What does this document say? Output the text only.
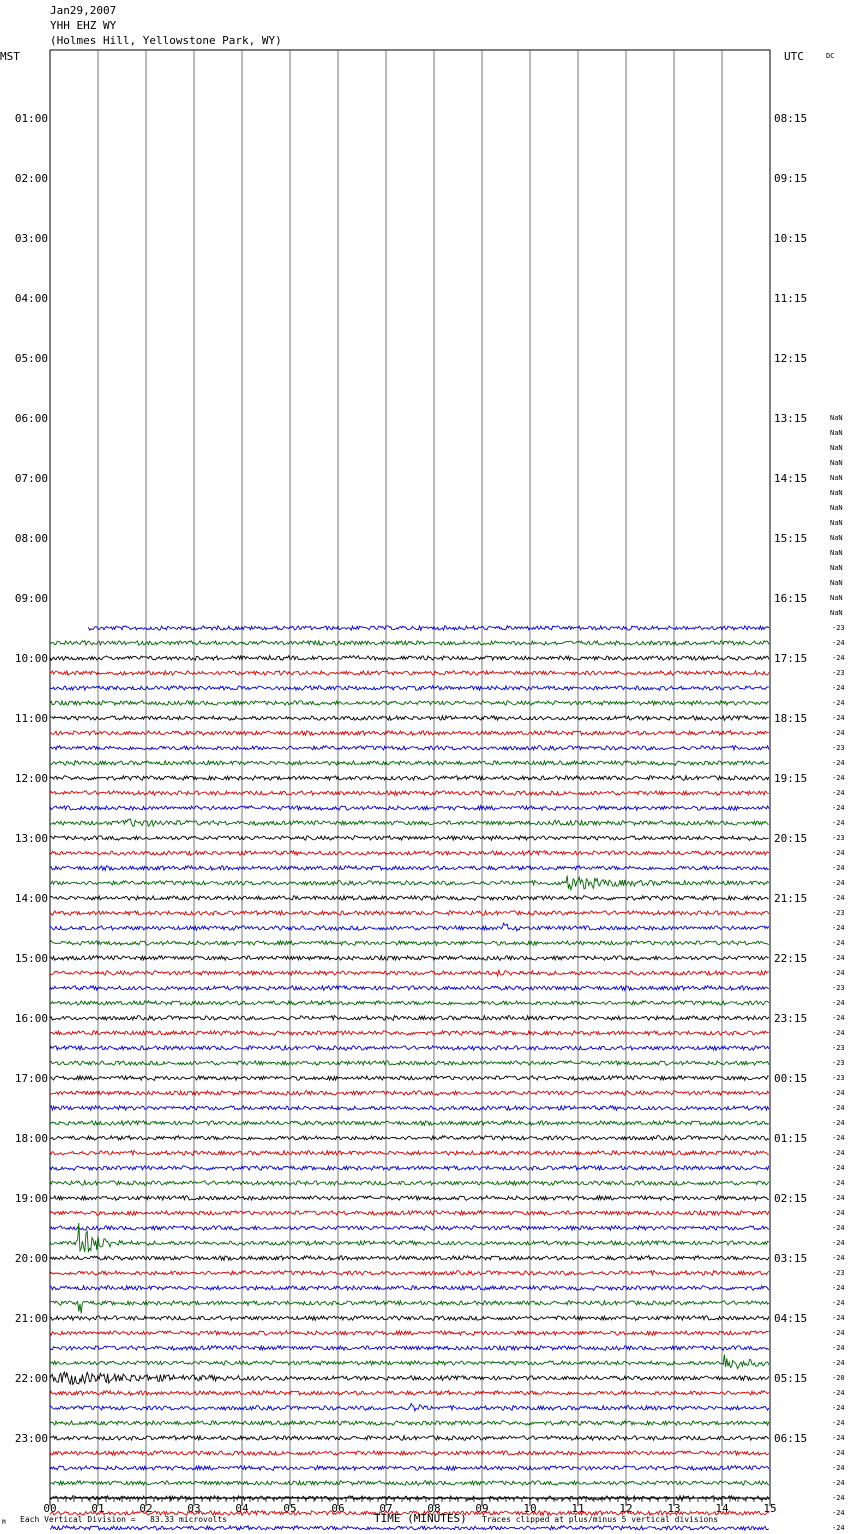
Jan29,2007
YHH EHZ WY
(Holmes Hill, Yellowstone Park, WY)
MST	UTC	DC
00	01	02	03	04	05	06	07	08	09	10	11	12	13	14	15
01:00
02:00
03:00
04:00
05:00
06:00
07:00
08:00
09:00
10:00
11:00
12:00
13:00
14:00
15:00
16:00
17:00
18:00
19:00
20:00
21:00
22:00
23:00
08:15
09:15
10:15
11:15
12:15
13:15
14:15
15:15
16:15
17:15
18:15
19:15
20:15
21:15
22:15
23:15
00:15
01:15
02:15
03:15
04:15
05:15
06:15
NaN
NaN
NaN
NaN
NaN
NaN
NaN
NaN
NaN
NaN
NaN
NaN
NaN
NaN
-23
-24
-24
-23
-24
-24
-24
-24
-23
-24
-24
-24
-24
-24
-23
-24
-24
-24
-24
-23
-24
-24
-24
-24
-23
-24
-24
-24
-23
-23
-23
-24
-24
-24
-24
-24
-24
-24
-24
-24
-24
-24
-24
-23
-24
-24
-24
-24
-24
-24
-20
-24
-24
-24
-24
-24
-24
-24
-24
-24
-24
M Each Vertical Division =   83.33 microvolts	TIME (MINUTES) Traces clipped at plus/minus 5 vertical divisions
